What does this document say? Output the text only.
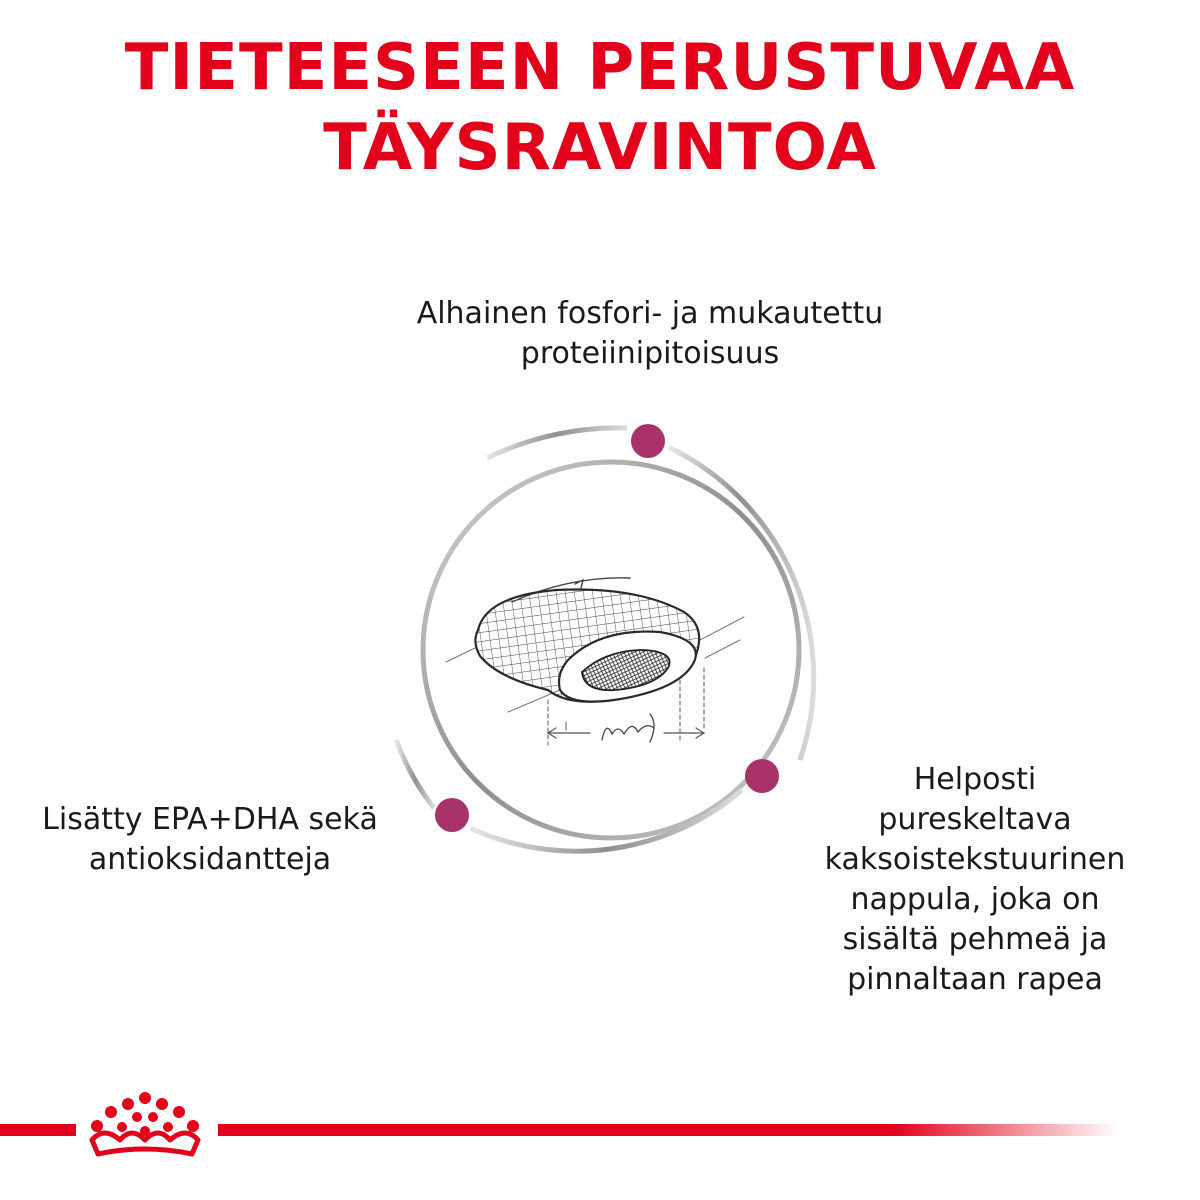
TIETEESEEN PERUSTUVAA
TÄYSRAVINTOA

Alhainen fosfori- ja mukautettu
proteiinipitoisuus

Lisätty EPA+DHA sekä
antioksidantteja

Helposti
pureskeltava
kaksoistekstuurinen
nappula, joka on
sisältä pehmeä ja
pinnaltaan rapea
